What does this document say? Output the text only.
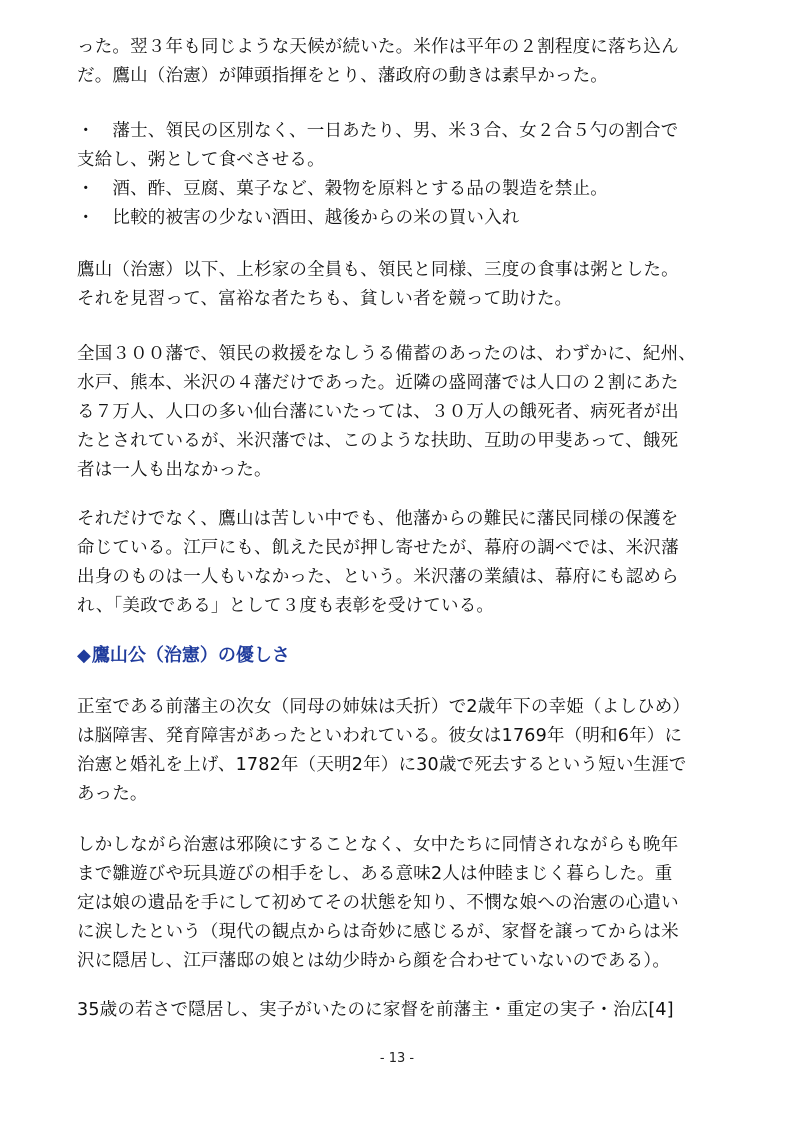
った。翌３年も同じような天候が続いた。米作は平年の２割程度に落ち込ん
だ。鷹山（治憲）が陣頭指揮をとり、藩政府の動きは素早かった。
・　藩士、領民の区別なく、一日あたり、男、米３合、女２合５勺の割合で
支給し、粥として食べさせる。
・　酒、酢、豆腐、菓子など、穀物を原料とする品の製造を禁止。
・　比較的被害の少ない酒田、越後からの米の買い入れ
鷹山（治憲）以下、上杉家の全員も、領民と同様、三度の食事は粥とした。
それを見習って、富裕な者たちも、貧しい者を競って助けた。
全国３００藩で、領民の救援をなしうる備蓄のあったのは、わずかに、紀州、
水戸、熊本、米沢の４藩だけであった。近隣の盛岡藩では人口の２割にあた
る７万人、人口の多い仙台藩にいたっては、３０万人の餓死者、病死者が出
たとされているが、米沢藩では、このような扶助、互助の甲斐あって、餓死
者は一人も出なかった。
それだけでなく、鷹山は苦しい中でも、他藩からの難民に藩民同様の保護を
命じている。江戸にも、飢えた民が押し寄せたが、幕府の調べでは、米沢藩
出身のものは一人もいなかった、という。米沢藩の業績は、幕府にも認めら
れ、「美政である」として３度も表彰を受けている。
◆鷹山公（治憲）の優しさ
正室である前藩主の次女（同母の姉妹は夭折）で2歳年下の幸姫（よしひめ）
は脳障害、発育障害があったといわれている。彼女は1769年（明和6年）に
治憲と婚礼を上げ、1782年（天明2年）に30歳で死去するという短い生涯で
あった。
しかしながら治憲は邪険にすることなく、女中たちに同情されながらも晩年
まで雛遊びや玩具遊びの相手をし、ある意味2人は仲睦まじく暮らした。重
定は娘の遺品を手にして初めてその状態を知り、不憫な娘への治憲の心遣い
に涙したという（現代の観点からは奇妙に感じるが、家督を譲ってからは米
沢に隠居し、江戸藩邸の娘とは幼少時から顔を合わせていないのである）。
35歳の若さで隠居し、実子がいたのに家督を前藩主・重定の実子・治広[4]
- 13 -
